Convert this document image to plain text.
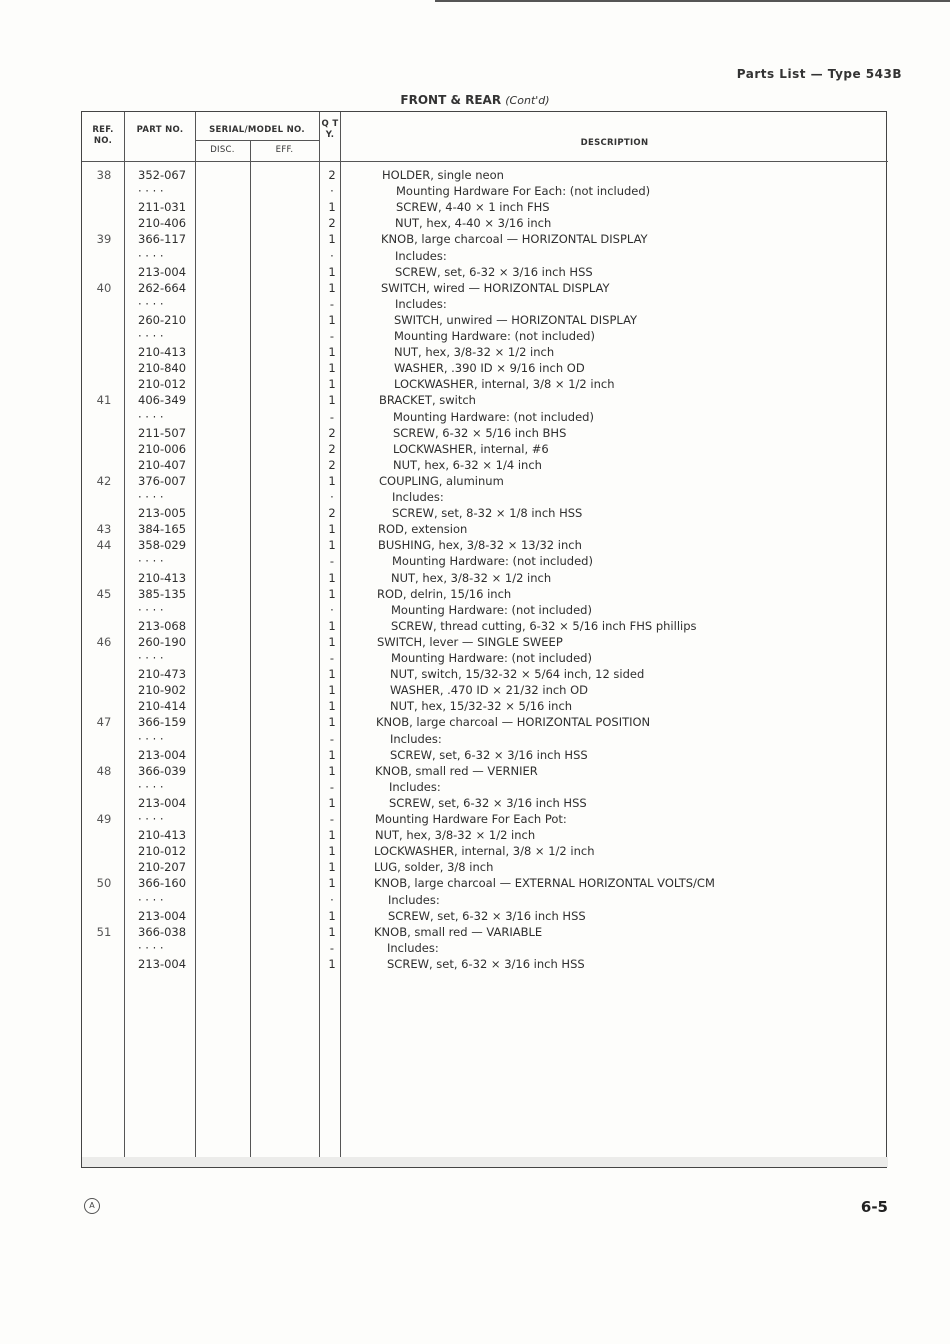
Parts List — Type 543B
FRONT & REAR (Cont'd)
REF. NO.
PART NO.	SERIAL/MODEL NO.
DISC.	EFF.
Q T Y.
DESCRIPTION
38	352-067	2	HOLDER, single neon
· · · ·	·	Mounting Hardware For Each: (not included)
211-031	1	SCREW, 4-40 × 1 inch FHS
210-406	2	NUT, hex, 4-40 × 3/16 inch
39	366-117	1	KNOB, large charcoal — HORIZONTAL DISPLAY
· · · ·	·	Includes:
213-004	1	SCREW, set, 6-32 × 3/16 inch HSS
40	262-664	1	SWITCH, wired — HORIZONTAL DISPLAY
· · · ·	-	Includes:
260-210	1	SWITCH, unwired — HORIZONTAL DISPLAY
· · · ·	-	Mounting Hardware: (not included)
210-413	1	NUT, hex, 3/8-32 × 1/2 inch
210-840	1	WASHER, .390 ID × 9/16 inch OD
210-012	1	LOCKWASHER, internal, 3/8 × 1/2 inch
41	406-349	1	BRACKET, switch
· · · ·	-	Mounting Hardware: (not included)
211-507	2	SCREW, 6-32 × 5/16 inch BHS
210-006	2	LOCKWASHER, internal, #6
210-407	2	NUT, hex, 6-32 × 1/4 inch
42	376-007	1	COUPLING, aluminum
· · · ·	·	Includes:
213-005	2	SCREW, set, 8-32 × 1/8 inch HSS
43	384-165	1	ROD, extension
44	358-029	1	BUSHING, hex, 3/8-32 × 13/32 inch
· · · ·	-	Mounting Hardware: (not included)
210-413	1	NUT, hex, 3/8-32 × 1/2 inch
45	385-135	1	ROD, delrin, 15/16 inch
· · · ·	·	Mounting Hardware: (not included)
213-068	1	SCREW, thread cutting, 6-32 × 5/16 inch FHS phillips
46	260-190	1	SWITCH, lever — SINGLE SWEEP
· · · ·	-	Mounting Hardware: (not included)
210-473	1	NUT, switch, 15/32-32 × 5/64 inch, 12 sided
210-902	1	WASHER, .470 ID × 21/32 inch OD
210-414	1	NUT, hex, 15/32-32 × 5/16 inch
47	366-159	1	KNOB, large charcoal — HORIZONTAL POSITION
· · · ·	-	Includes:
213-004	1	SCREW, set, 6-32 × 3/16 inch HSS
48	366-039	1	KNOB, small red — VERNIER
· · · ·	-	Includes:
213-004	1	SCREW, set, 6-32 × 3/16 inch HSS
49	· · · ·	-	Mounting Hardware For Each Pot:
210-413	1	NUT, hex, 3/8-32 × 1/2 inch
210-012	1	LOCKWASHER, internal, 3/8 × 1/2 inch
210-207	1	LUG, solder, 3/8 inch
50	366-160	1	KNOB, large charcoal — EXTERNAL HORIZONTAL VOLTS/CM
· · · ·	·	Includes:
213-004	1	SCREW, set, 6-32 × 3/16 inch HSS
51	366-038	1	KNOB, small red — VARIABLE
· · · ·	-	Includes:
213-004	1	SCREW, set, 6-32 × 3/16 inch HSS
A	6-5
